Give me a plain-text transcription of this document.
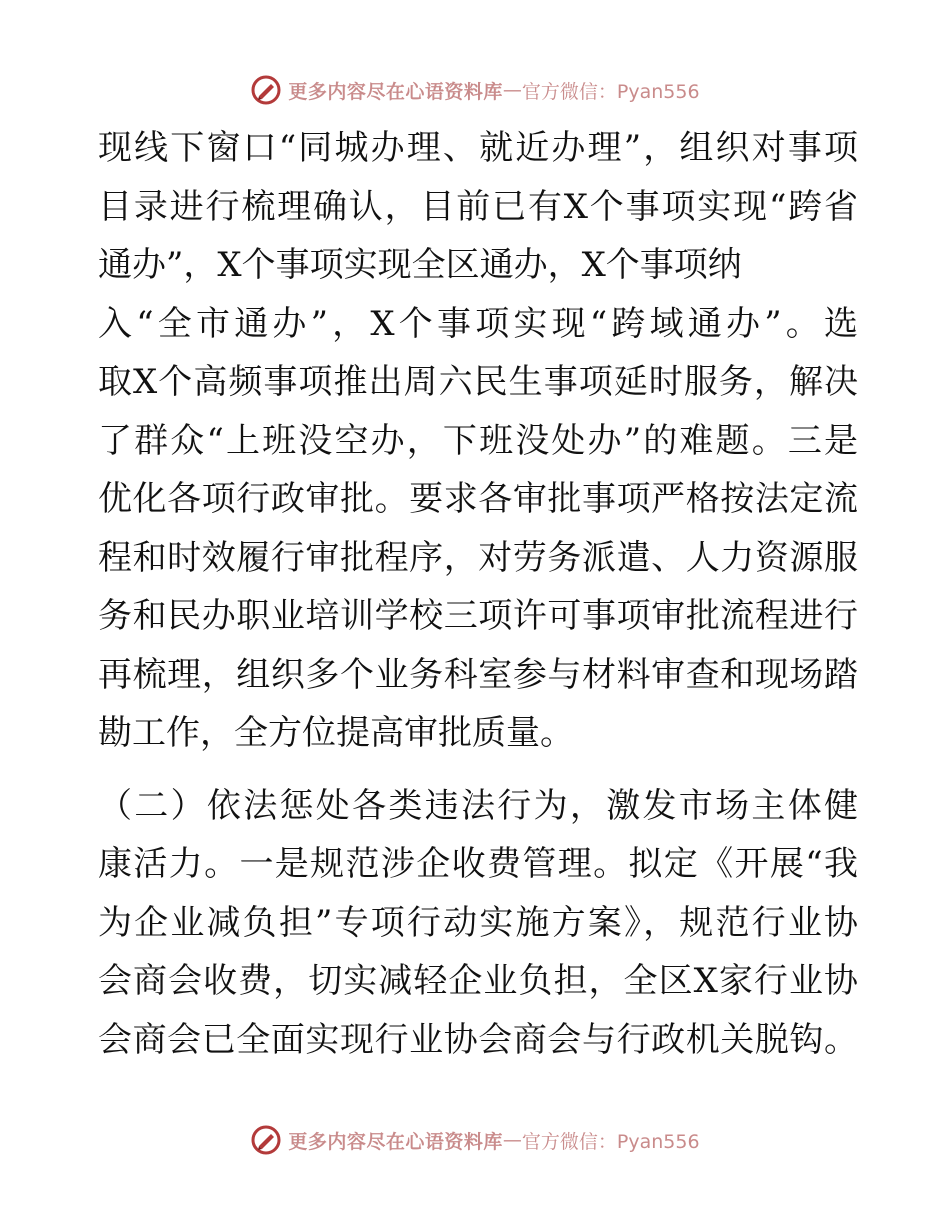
更多内容尽在心语资料库 — 官方微信：Pyan556
现线下窗口“同城办理、就近办理”，组织对事项
目录进行梳理确认，目前已有X个事项实现“跨省
通办”，X个事项实现全区通办，X个事项纳
入“全市通办”，X个事项实现“跨域通办”。选
取X个高频事项推出周六民生事项延时服务，解决
了群众“上班没空办，下班没处办”的难题。三是
优化各项行政审批。要求各审批事项严格按法定流
程和时效履行审批程序，对劳务派遣、人力资源服
务和民办职业培训学校三项许可事项审批流程进行
再梳理，组织多个业务科室参与材料审查和现场踏
勘工作，全方位提高审批质量。
（二）依法惩处各类违法行为，激发市场主体健
康活力。一是规范涉企收费管理。拟定《开展“我
为企业减负担”专项行动实施方案》，规范行业协
会商会收费，切实减轻企业负担，全区X家行业协
会商会已全面实现行业协会商会与行政机关脱钩。
更多内容尽在心语资料库 — 官方微信：Pyan556
